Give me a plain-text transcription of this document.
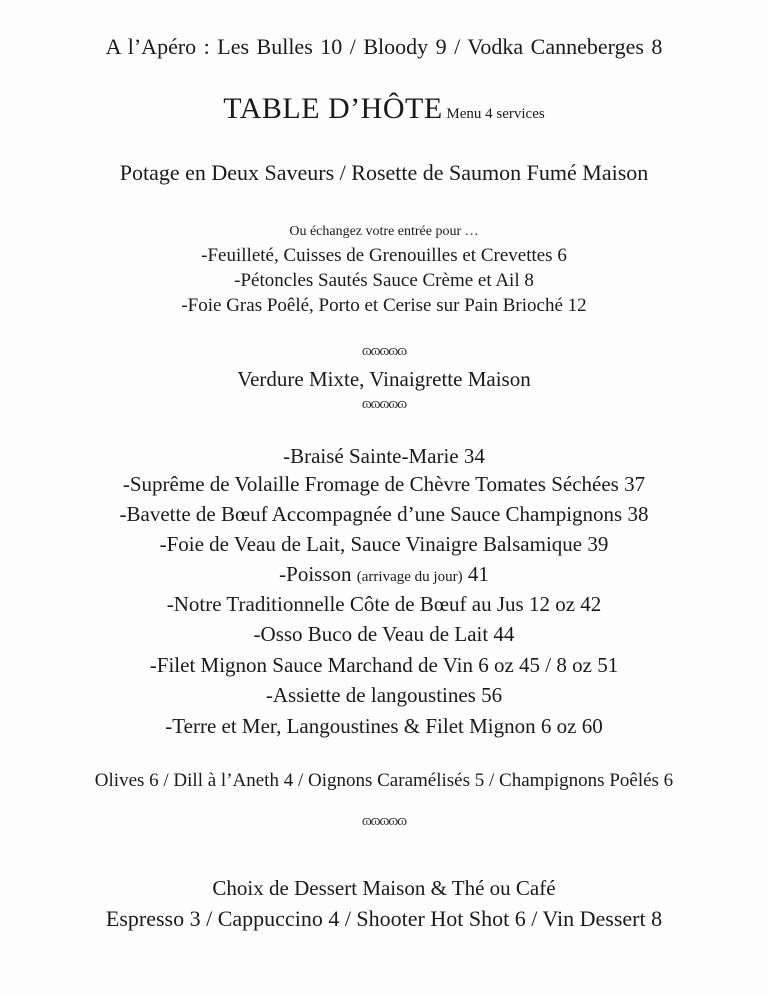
A l’Apéro : Les Bulles 10 / Bloody 9 / Vodka Canneberges 8
TABLE D’HÔTE Menu 4 services
Potage en Deux Saveurs / Rosette de Saumon Fumé Maison
Ou échangez votre entrée pour …
-Feuilleté, Cuisses de Grenouilles et Crevettes 6
-Pétoncles Sautés Sauce Crème et Ail 8
-Foie Gras Poêlé, Porto et Cerise sur Pain Brioché 12
ɷɷɷɷɷ
Verdure Mixte, Vinaigrette Maison
ɷɷɷɷɷ
-Braisé Sainte-Marie 34
-Suprême de Volaille Fromage de Chèvre Tomates Séchées 37
-Bavette de Bœuf Accompagnée d’une Sauce Champignons 38
-Foie de Veau de Lait, Sauce Vinaigre Balsamique 39
-Poisson (arrivage du jour) 41
-Notre Traditionnelle Côte de Bœuf au Jus 12 oz 42
-Osso Buco de Veau de Lait 44
-Filet Mignon Sauce Marchand de Vin 6 oz 45 / 8 oz 51
-Assiette de langoustines 56
-Terre et Mer, Langoustines & Filet Mignon 6 oz 60
Olives 6 / Dill à l’Aneth 4 / Oignons Caramélisés 5 / Champignons Poêlés 6
ɷɷɷɷɷ
Choix de Dessert Maison & Thé ou Café
Espresso 3 / Cappuccino 4 / Shooter Hot Shot 6 / Vin Dessert 8
